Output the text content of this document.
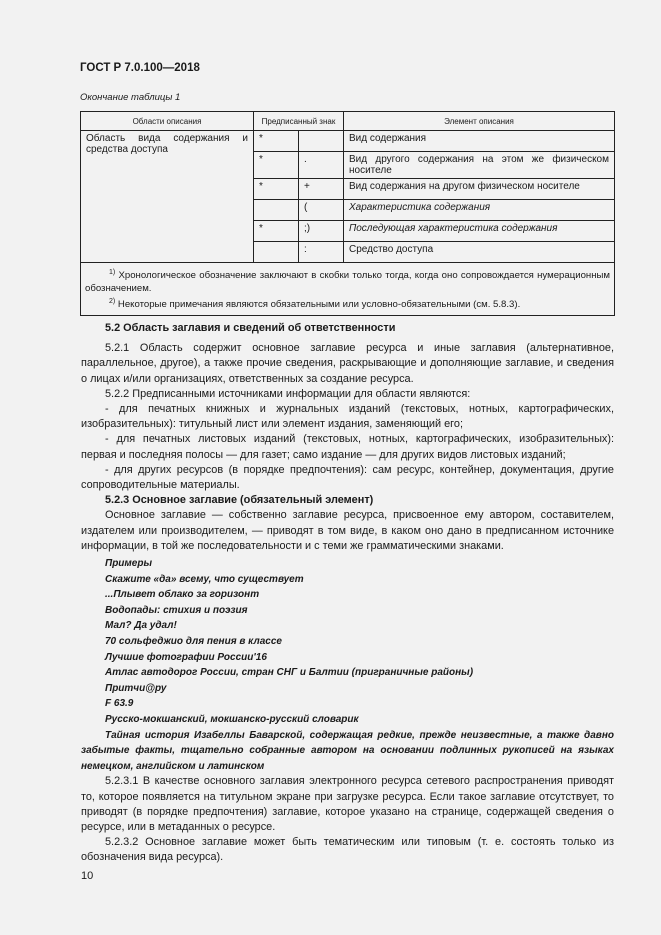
ГОСТ Р 7.0.100—2018
Окончание таблицы 1
Области описания	Предписанный знак		Элемент описания
Область вида содержания и средства доступа	*		Вид содержания
	*	.	Вид другого содержания на этом же физическом носителе
	*	+	Вид содержания на другом физическом носителе
		(	Характеристика содержания
	*	;)	Последующая характеристика содержания
		:	Средство доступа

$^{1)}$ Хронологическое обозначение заключают в скобки только тогда, когда оно сопровождается нумерационным обозначением.
$^{2)}$ Некоторые примечания являются обязательными или условно-обязательными (см. 5.8.3).			

5.2 Область заглавия и сведений об ответственности

5.2.1 Область содержит основное заглавие ресурса и иные заглавия (альтернативное, параллельное, другое), а также прочие сведения, раскрывающие и дополняющие заглавие, и сведения о лицах и/или организациях, ответственных за создание ресурса.

5.2.2 Предписанными источниками информации для области являются:

- для печатных книжных и журнальных изданий (текстовых, нотных, картографических, изобразительных): титульный лист или элемент издания, заменяющий его;

- для печатных листовых изданий (текстовых, нотных, картографических, изобразительных): первая и последняя полосы — для газет; само издание — для других видов листовых изданий;

- для других ресурсов (в порядке предпочтения): сам ресурс, контейнер, документация, другие сопроводительные материалы.

5.2.3 Основное заглавие (обязательный элемент)

Основное заглавие — собственно заглавие ресурса, присвоенное ему автором, составителем, издателем или производителем, — приводят в том виде, в каком оно дано в предписанном источнике информации, в той же последовательности и с теми же грамматическими знаками.

Примеры

Скажите «да» всему, что существует

...Плывет облако за горизонт

Водопады: стихия и поэзия

Мал? Да удал!

70 сольфеджио для пения в классе

Лучшие фотографии России'16

Атлас автодорог России, стран СНГ и Балтии (приграничные районы)

Притчи@ру

F 63.9

Русско-мокшанский, мокшанско-русский словарик

Тайная история Изабеллы Баварской, содержащая редкие, прежде неизвестные, а также давно забытые факты, тщательно собранные автором на основании подлинных рукописей на языках немецком, английском и латинском

5.2.3.1 В качестве основного заглавия электронного ресурса сетевого распространения приводят то, которое появляется на титульном экране при загрузке ресурса. Если такое заглавие отсутствует, то приводят (в порядке предпочтения) заглавие, которое указано на странице, содержащей сведения о ресурсе, или в метаданных о ресурсе.

5.2.3.2 Основное заглавие может быть тематическим или типовым (т. е. состоять только из обозначения вида ресурса).

10
